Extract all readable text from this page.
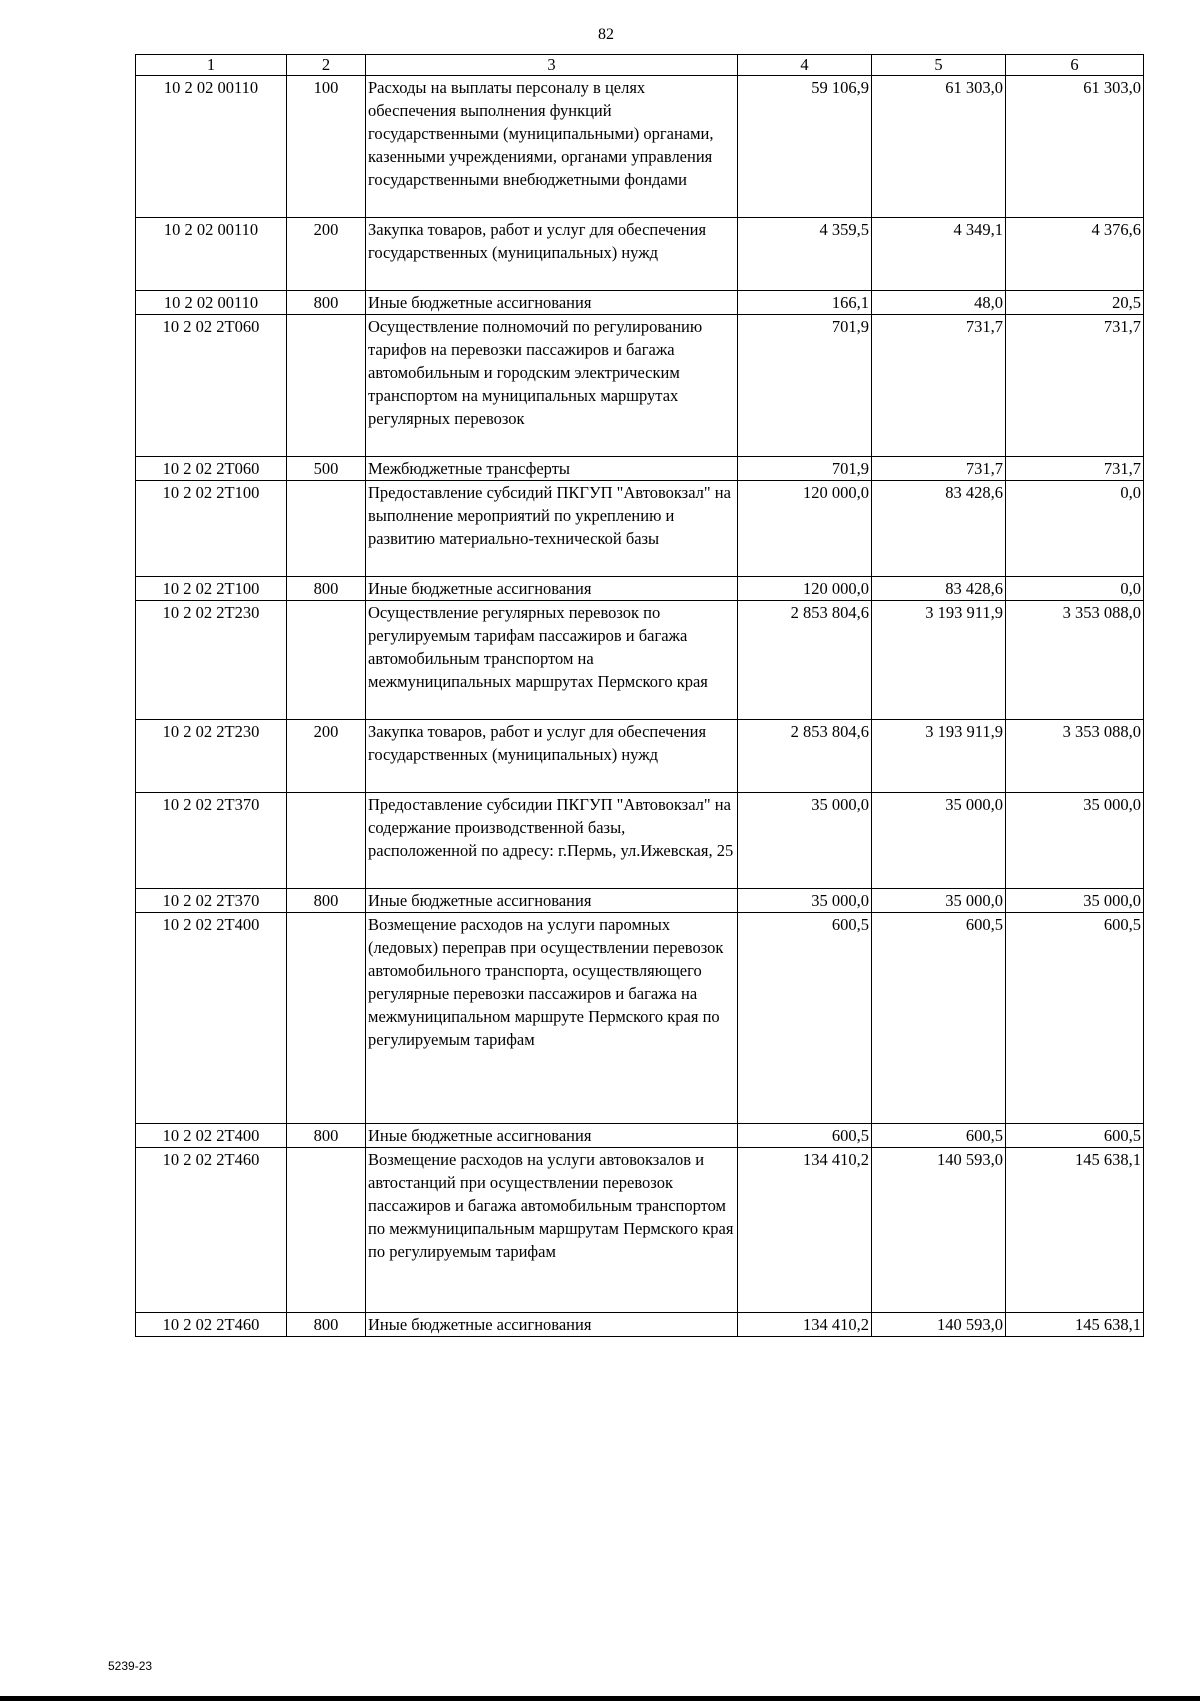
82
1	2	3	4	5	6
10 2 02 00110	100	Расходы на выплаты персоналу в целях обеспечения выполнения функций государственными (муниципальными) органами, казенными учреждениями, органами управления государственными внебюджетными фондами	59 106,9	61 303,0	61 303,0
10 2 02 00110	200	Закупка товаров, работ и услуг для обеспечения государственных (муниципальных) нужд	4 359,5	4 349,1	4 376,6
10 2 02 00110	800	Иные бюджетные ассигнования	166,1	48,0	20,5
10 2 02 2Т060		Осуществление полномочий по регулированию тарифов на перевозки пассажиров и багажа автомобильным и городским электрическим транспортом на муниципальных маршрутах регулярных перевозок	701,9	731,7	731,7
10 2 02 2Т060	500	Межбюджетные трансферты	701,9	731,7	731,7
10 2 02 2Т100		Предоставление субсидий ПКГУП "Автовокзал" на выполнение мероприятий по укреплению и развитию материально-технической базы	120 000,0	83 428,6	0,0
10 2 02 2Т100	800	Иные бюджетные ассигнования	120 000,0	83 428,6	0,0
10 2 02 2Т230		Осуществление регулярных перевозок по регулируемым тарифам пассажиров и багажа автомобильным транспортом на межмуниципальных маршрутах Пермского края	2 853 804,6	3 193 911,9	3 353 088,0
10 2 02 2Т230	200	Закупка товаров, работ и услуг для обеспечения государственных (муниципальных) нужд	2 853 804,6	3 193 911,9	3 353 088,0
10 2 02 2Т370		Предоставление субсидии ПКГУП "Автовокзал" на содержание производственной базы, расположенной по адресу: г.Пермь, ул.Ижевская, 25	35 000,0	35 000,0	35 000,0
10 2 02 2Т370	800	Иные бюджетные ассигнования	35 000,0	35 000,0	35 000,0
10 2 02 2Т400		Возмещение расходов на услуги паромных (ледовых) переправ при осуществлении перевозок автомобильного транспорта, осуществляющего регулярные перевозки пассажиров и багажа на межмуниципальном маршруте Пермского края по регулируемым тарифам	600,5	600,5	600,5
10 2 02 2Т400	800	Иные бюджетные ассигнования	600,5	600,5	600,5
10 2 02 2Т460		Возмещение расходов на услуги автовокзалов и автостанций при осуществлении перевозок пассажиров и багажа автомобильным транспортом по межмуниципальным маршрутам Пермского края по регулируемым тарифам	134 410,2	140 593,0	145 638,1
10 2 02 2Т460	800	Иные бюджетные ассигнования	134 410,2	140 593,0	145 638,1
5239-23
